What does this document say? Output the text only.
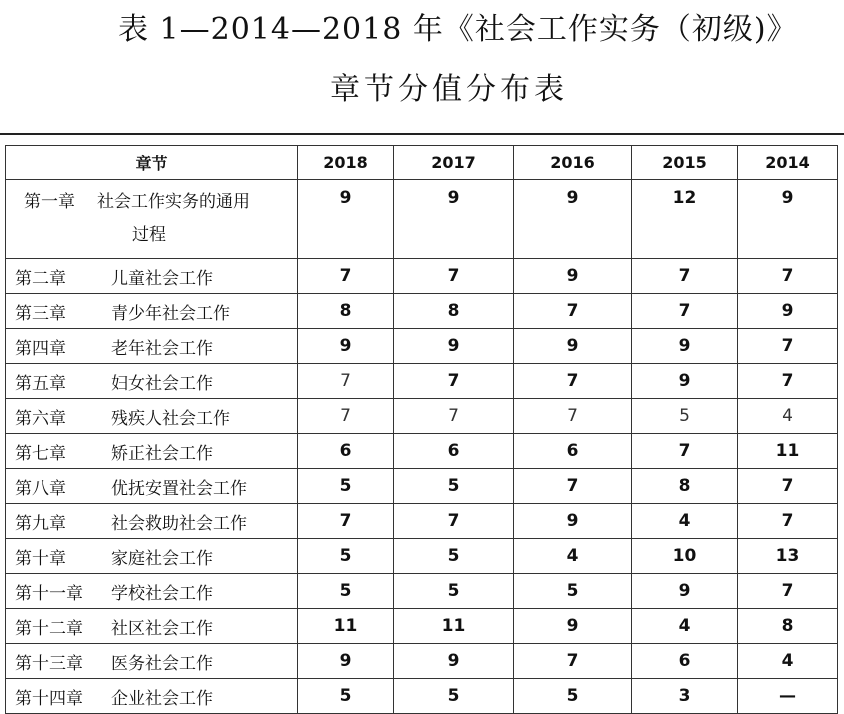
表 1—2014—2018 年《社会工作实务（初级)》
章节分值分布表
章节	2018	2017	2016	2015	2014
第一章 社会工作实务的通用
过程	9	9	9	12	9
第二章 儿童社会工作	7	7	9	7	7
第三章 青少年社会工作	8	8	7	7	9
第四章 老年社会工作	9	9	9	9	7
第五章 妇女社会工作	7	7	7	9	7
第六章 残疾人社会工作	7	7	7	5	4
第七章 矫正社会工作	6	6	6	7	11
第八章 优抚安置社会工作	5	5	7	8	7
第九章 社会救助社会工作	7	7	9	4	7
第十章 家庭社会工作	5	5	4	10	13
第十一章 学校社会工作	5	5	5	9	7
第十二章 社区社会工作	11	11	9	4	8
第十三章 医务社会工作	9	9	7	6	4
第十四章 企业社会工作	5	5	5	3	—
